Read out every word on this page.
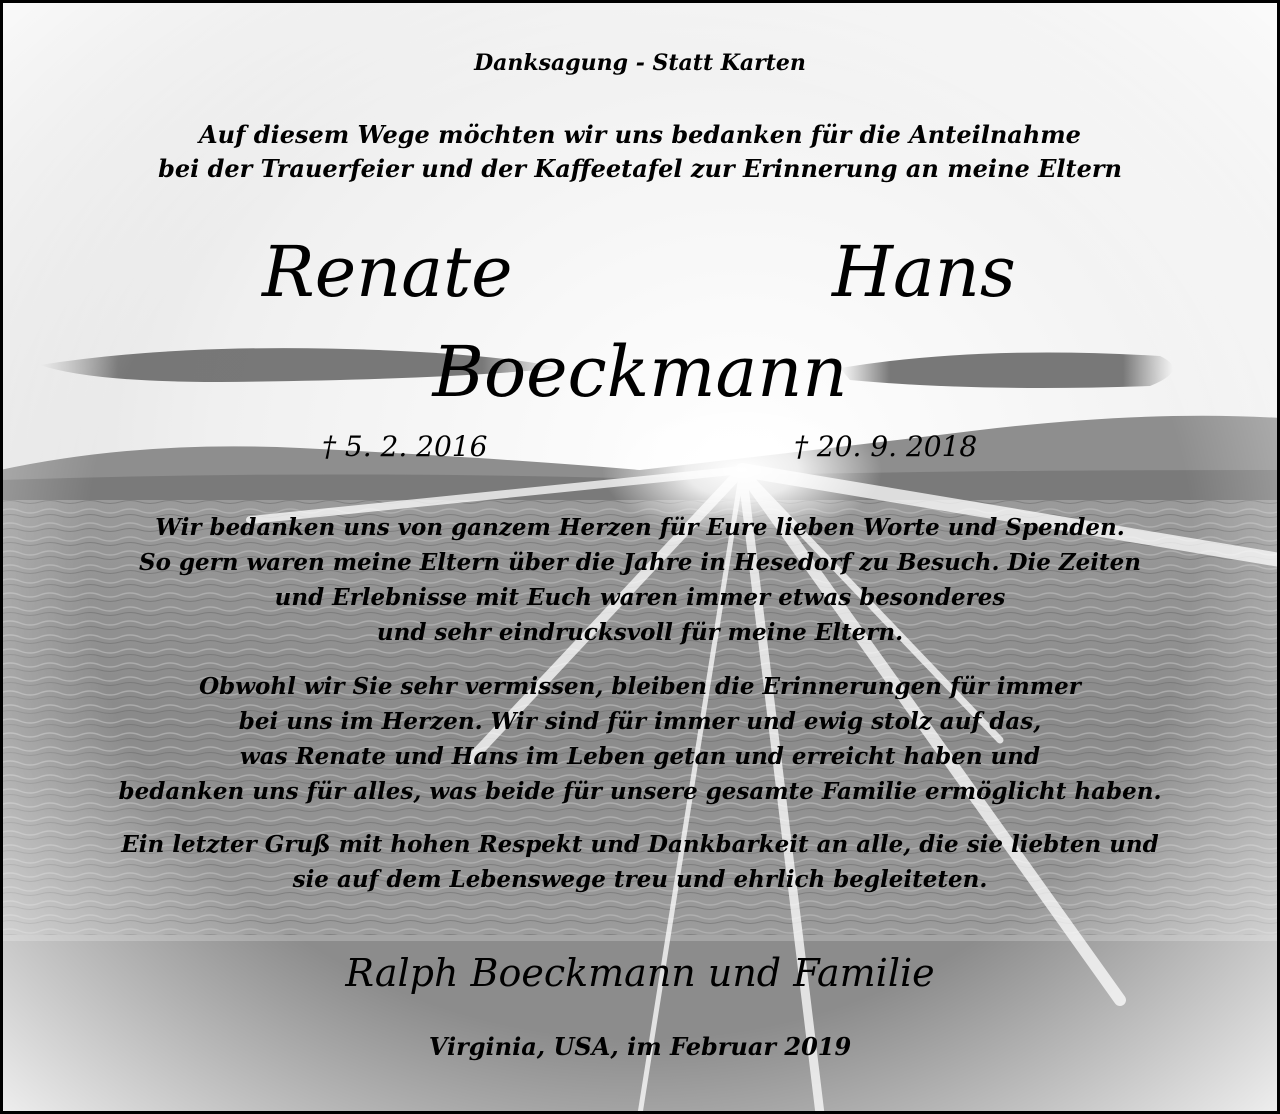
Danksagung - Statt Karten
Auf diesem Wege möchten wir uns bedanken für die Anteilnahme
bei der Trauerfeier und der Kaffeetafel zur Erinnerung an meine Eltern
Renate	Hans
Boeckmann
† 5. 2. 2016	† 20. 9. 2018
Wir bedanken uns von ganzem Herzen für Eure lieben Worte und Spenden.
So gern waren meine Eltern über die Jahre in Hesedorf zu Besuch. Die Zeiten
und Erlebnisse mit Euch waren immer etwas besonderes
und sehr eindrucksvoll für meine Eltern.
Obwohl wir Sie sehr vermissen, bleiben die Erinnerungen für immer
bei uns im Herzen. Wir sind für immer und ewig stolz auf das,
was Renate und Hans im Leben getan und erreicht haben und
bedanken uns für alles, was beide für unsere gesamte Familie ermöglicht haben.
Ein letzter Gruß mit hohen Respekt und Dankbarkeit an alle, die sie liebten und
sie auf dem Lebenswege treu und ehrlich begleiteten.
Ralph Boeckmann und Familie
Virginia, USA, im Februar 2019
